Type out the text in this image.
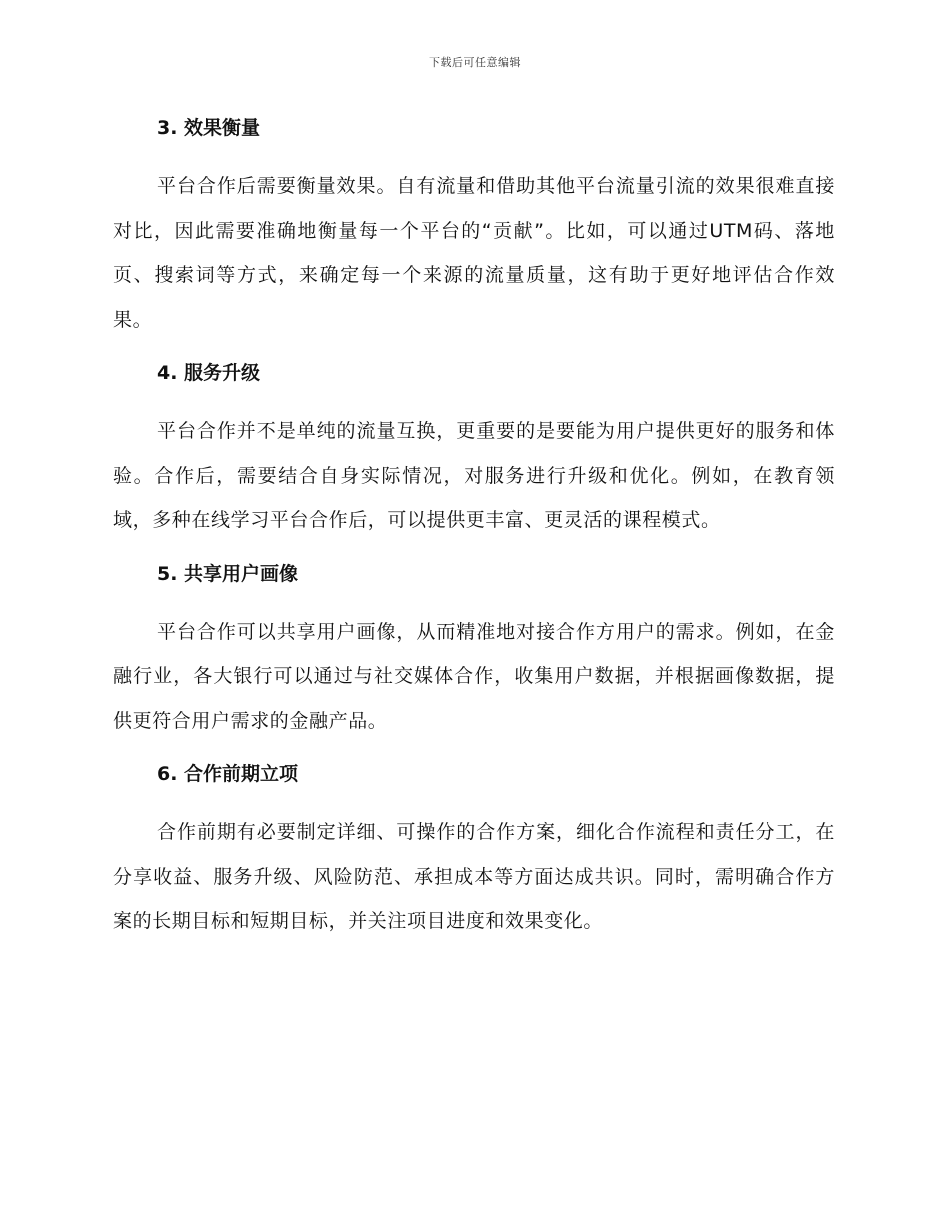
下载后可任意编辑
3. 效果衡量

平台合作后需要衡量效果。自有流量和借助其他平台流量引流的效果很难直接对比，因此需要准确地衡量每一个平台的“贡献”。比如，可以通过UTM码、落地页、搜索词等方式，来确定每一个来源的流量质量，这有助于更好地评估合作效果。

4. 服务升级

平台合作并不是单纯的流量互换，更重要的是要能为用户提供更好的服务和体验。合作后，需要结合自身实际情况，对服务进行升级和优化。例如，在教育领域，多种在线学习平台合作后，可以提供更丰富、更灵活的课程模式。

5. 共享用户画像

平台合作可以共享用户画像，从而精准地对接合作方用户的需求。例如，在金融行业，各大银行可以通过与社交媒体合作，收集用户数据，并根据画像数据，提供更符合用户需求的金融产品。

6. 合作前期立项

合作前期有必要制定详细、可操作的合作方案，细化合作流程和责任分工，在分享收益、服务升级、风险防范、承担成本等方面达成共识。同时，需明确合作方案的长期目标和短期目标，并关注项目进度和效果变化。
